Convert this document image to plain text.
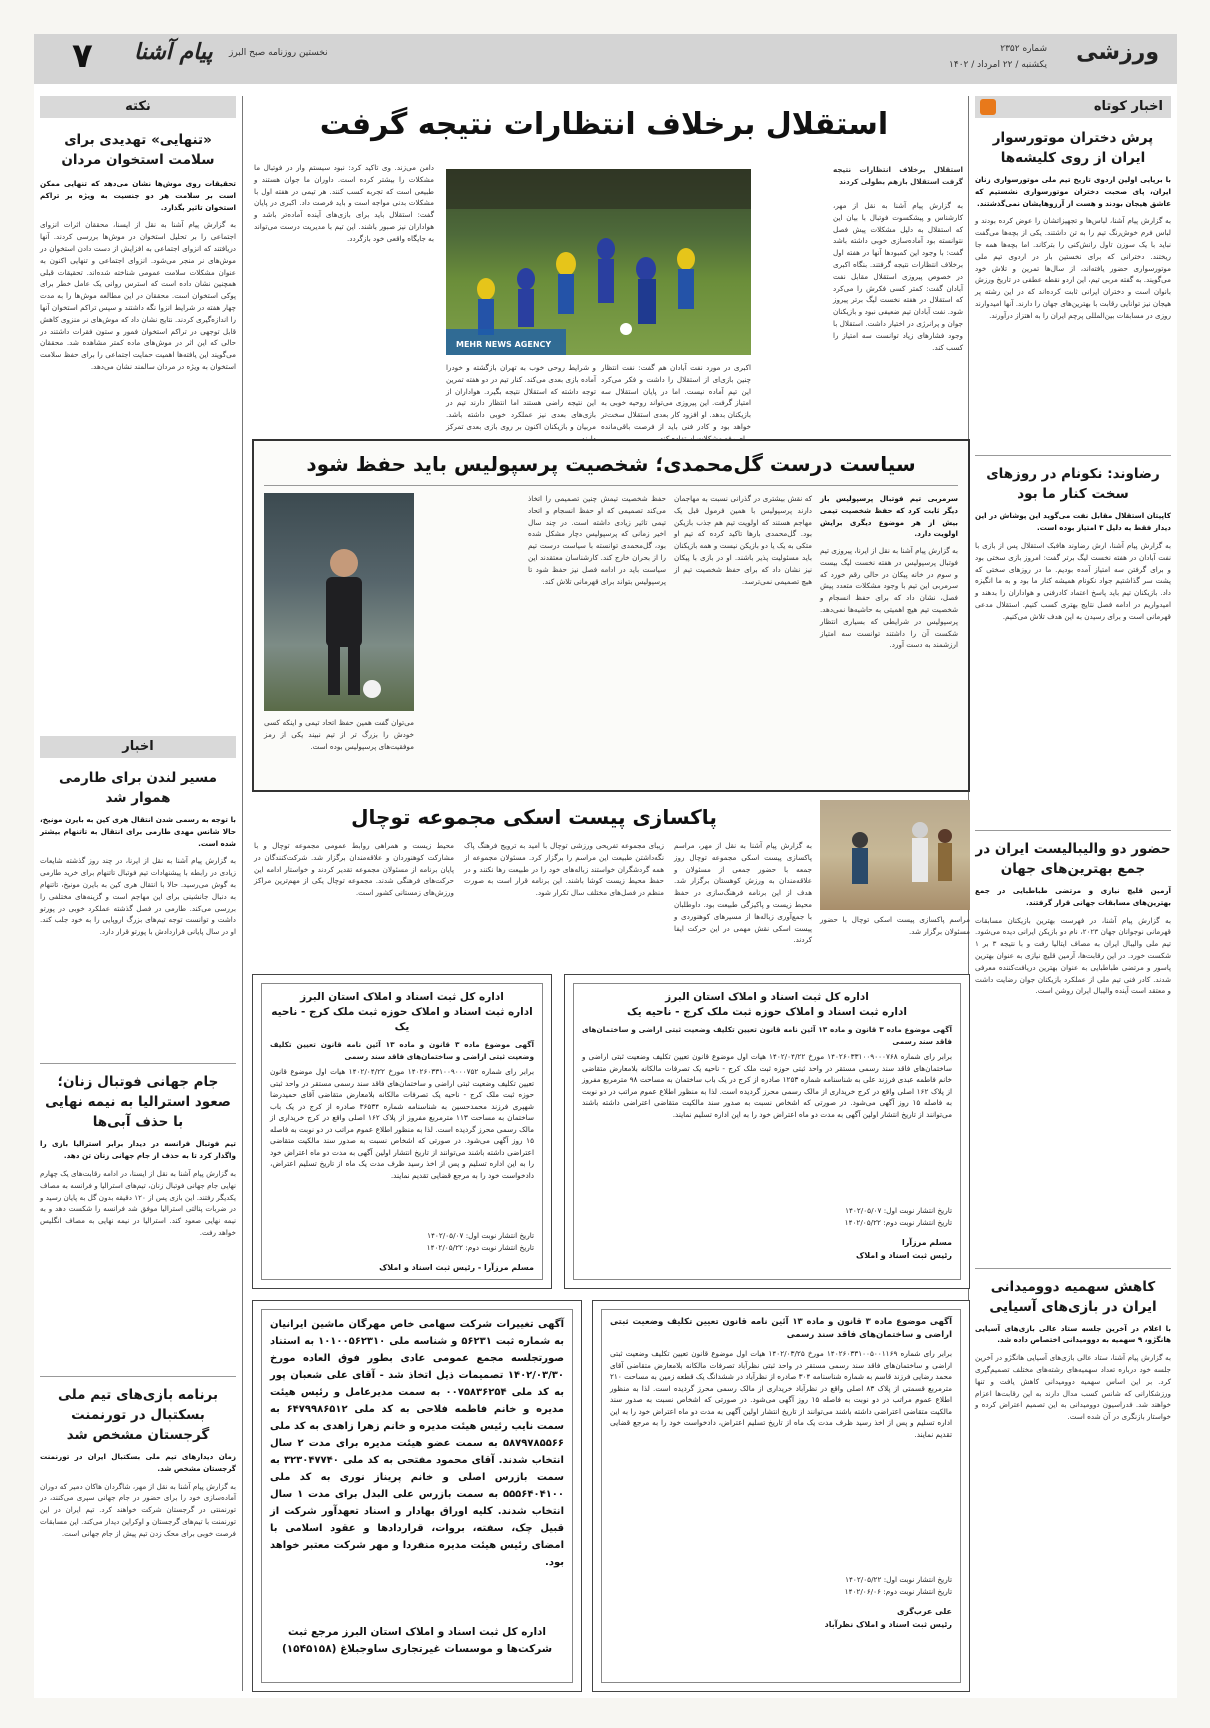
ورزشی
شماره ۲۳۵۲
یکشنبه / ۲۲ امرداد / ۱۴۰۲
پیام آشنا نخستین روزنامه صبح البرز
۷
اخبار کوتاه
پرش دختران موتورسوار ایران از روی کلیشه‌ها
با برپایی اولین اردوی تاریخ تیم ملی موتورسواری زنان ایران، پای صحبت دختران موتورسواری نشستیم که عاشق هیجان بودند و هست از آرزوهایشان نمی‌گذشتند.
به گزارش پیام آشنا، لباس‌ها و تجهیزاتشان را عوض کرده بودند و لباس فرم خوش‌رنگ تیم را به تن داشتند. یکی از بچه‌ها می‌گفت نباید با یک سوزن تاول رانش‌کنی را بترکاند. اما بچه‌ها همه جا ریختند. دخترانی که برای نخستین بار در اردوی تیم ملی موتورسواری حضور یافته‌اند، از سال‌ها تمرین و تلاش خود می‌گویند. به گفته مربی تیم، این اردو نقطه عطفی در تاریخ ورزش بانوان است و دختران ایرانی ثابت کرده‌اند که در این رشته پر هیجان نیز توانایی رقابت با بهترین‌های جهان را دارند. آنها امیدوارند روزی در مسابقات بین‌المللی پرچم ایران را به اهتزاز درآورند.
رضاوند: نکونام در روزهای سخت کنار ما بود
کاپیتان استقلال مقابل نفت می‌گوید این پوشاش در این دیدار فقط به دلیل ۳ امتیاز بوده است.
به گزارش پیام آشنا، ارش رضاوند هافبک استقلال پس از بازی با نفت آبادان در هفته نخست لیگ برتر گفت: امروز بازی سختی بود و برای گرفتن سه امتیاز آمده بودیم. ما در روزهای سختی که پشت سر گذاشتیم جواد نکونام همیشه کنار ما بود و به ما انگیزه داد. بازیکنان تیم باید پاسخ اعتماد کادرفنی و هواداران را بدهند و امیدواریم در ادامه فصل نتایج بهتری کسب کنیم. استقلال مدعی قهرمانی است و برای رسیدن به این هدف تلاش می‌کنیم.
حضور دو والیبالیست ایران در جمع بهترین‌های جهان
آرمین قلیچ نیازی و مرتضی طباطبایی در جمع بهترین‌های مسابقات جهانی قرار گرفتند.
به گزارش پیام آشنا، در فهرست بهترین بازیکنان مسابقات قهرمانی نوجوانان جهان ۲۰۲۳، نام دو بازیکن ایرانی دیده می‌شود. تیم ملی والیبال ایران به مصاف ایتالیا رفت و با نتیجه ۳ بر ۱ شکست خورد. در این رقابت‌ها، آرمین قلیچ نیازی به عنوان بهترین پاسور و مرتضی طباطبایی به عنوان بهترین دریافت‌کننده معرفی شدند. کادر فنی تیم ملی از عملکرد بازیکنان جوان رضایت داشت و معتقد است آینده والیبال ایران روشن است.
کاهش سهمیه دوومیدانی ایران در بازی‌های آسیایی
با اعلام در آخرین جلسه ستاد عالی بازی‌های آسیایی هانگژو، ۹ سهمیه به دوومیدانی اختصاص داده شد.
به گزارش پیام آشنا، ستاد عالی بازی‌های آسیایی هانگژو در آخرین جلسه خود درباره تعداد سهمیه‌های رشته‌های مختلف تصمیم‌گیری کرد. بر این اساس سهمیه دوومیدانی کاهش یافت و تنها ورزشکارانی که شانس کسب مدال دارند به این رقابت‌ها اعزام خواهند شد. فدراسیون دوومیدانی به این تصمیم اعتراض کرده و خواستار بازنگری در آن شده است.
نکته
«تنهایی» تهدیدی برای سلامت استخوان مردان
تحقیقات روی موش‌ها نشان می‌دهد که تنهایی ممکن است بر سلامت هر دو جنسیت به ویژه بر تراکم استخوان تاثیر بگذارد.
به گزارش پیام آشنا به نقل از ایسنا، محققان اثرات انزوای اجتماعی را بر تحلیل استخوان در موش‌ها بررسی کردند. آنها دریافتند که انزوای اجتماعی به افزایش از دست دادن استخوان در موش‌های نر منجر می‌شود. انزوای اجتماعی و تنهایی اکنون به عنوان مشکلات سلامت عمومی شناخته شده‌اند. تحقیقات قبلی همچنین نشان داده است که استرس روانی یک عامل خطر برای پوکی استخوان است. محققان در این مطالعه موش‌ها را به مدت چهار هفته در شرایط انزوا نگه داشتند و سپس تراکم استخوان آنها را اندازه‌گیری کردند. نتایج نشان داد که موش‌های نر منزوی کاهش قابل توجهی در تراکم استخوان فمور و ستون فقرات داشتند در حالی که این اثر در موش‌های ماده کمتر مشاهده شد. محققان می‌گویند این یافته‌ها اهمیت حمایت اجتماعی را برای حفظ سلامت استخوان به ویژه در مردان سالمند نشان می‌دهد.
اخبار
مسیر لندن برای طارمی هموار شد
با توجه به رسمی شدن انتقال هری کین به بایرن مونیخ، حالا شانس مهدی طارمی برای انتقال به تاتنهام بیشتر شده است.
به گزارش پیام آشنا به نقل از ایرنا، در چند روز گذشته شایعات زیادی در رابطه با پیشنهادات تیم فوتبال تاتنهام برای خرید طارمی به گوش می‌رسید. حالا با انتقال هری کین به بایرن مونیخ، تاتنهام به دنبال جانشینی برای این مهاجم است و گزینه‌های مختلفی را بررسی می‌کند. طارمی در فصل گذشته عملکرد خوبی در پورتو داشت و توانست توجه تیم‌های بزرگ اروپایی را به خود جلب کند. او در سال پایانی قراردادش با پورتو قرار دارد.
جام جهانی فوتبال زنان؛ صعود استرالیا به نیمه نهایی با حذف آبی‌ها
تیم فوتبال فرانسه در دیدار برابر استرالیا بازی را واگذار کرد تا به حذف از جام جهانی زنان تن دهد.
به گزارش پیام آشنا به نقل از ایسنا، در ادامه رقابت‌های یک چهارم نهایی جام جهانی فوتبال زنان، تیم‌های استرالیا و فرانسه به مصاف یکدیگر رفتند. این بازی پس از ۱۲۰ دقیقه بدون گل به پایان رسید و در ضربات پنالتی استرالیا موفق شد فرانسه را شکست دهد و به نیمه نهایی صعود کند. استرالیا در نیمه نهایی به مصاف انگلیس خواهد رفت.
برنامه بازی‌های تیم ملی بسکتبال در تورنمنت گرجستان مشخص شد
زمان دیدارهای تیم ملی بسکتبال ایران در تورنمنت گرجستان مشخص شد.
به گزارش پیام آشنا به نقل از مهر، شاگردان هاکان دمیر که دوران آماده‌سازی خود را برای حضور در جام جهانی سپری می‌کنند، در تورنمنتی در گرجستان شرکت خواهند کرد. تیم ایران در این تورنمنت با تیم‌های گرجستان و اوکراین دیدار می‌کند. این مسابقات فرصت خوبی برای محک زدن تیم پیش از جام جهانی است.
استقلال برخلاف انتظارات نتیجه گرفت
استقلال برخلاف انتظارات نتیجه گرفت استقلال بازهم بطولی کردند
به گزارش پیام آشنا به نقل از مهر، کارشناس و پیشکسوت فوتبال با بیان این که استقلال به دلیل مشکلات پیش فصل نتوانسته بود آماده‌سازی خوبی داشته باشد گفت: با وجود این کمبودها آنها در هفته اول برخلاف انتظارات نتیجه گرفتند. بنگاه اکبری در خصوص پیروزی استقلال مقابل نفت آبادان گفت: کمتر کسی فکرش را می‌کرد که استقلال در هفته نخست لیگ برتر پیروز شود. نفت آبادان تیم ضعیفی نبود و بازیکنان جوان و پرانرژی در اختیار داشت. استقلال با وجود فشارهای زیاد توانست سه امتیاز را کسب کند.
MEHR NEWS AGENCY
اکبری در مورد نفت آبادان هم گفت: نفت انتظار چنین بازی‌ای از استقلال را داشت و فکر می‌کرد این تیم آماده نیست. اما در پایان استقلال سه امتیاز گرفت. این پیروزی می‌تواند روحیه خوبی به بازیکنان بدهد. او افزود کار بعدی استقلال سخت‌تر خواهد بود و کادر فنی باید از فرصت باقی‌مانده
و شرایط روحی خوب به تهران بازگشته و خودرا آماده بازی بعدی می‌کند. کنار تیم در دو هفته تمرین توجه داشته که استقلال نتیجه بگیرد. هواداران از این نتیجه راضی هستند اما انتظار دارند تیم در بازی‌های بعدی نیز عملکرد خوبی داشته باشد. مربیان و بازیکنان اکنون بر روی بازی بعدی تمرکز
دامن می‌زند. وی تاکید کرد: نبود سیستم وار در فوتبال ما مشکلات را بیشتر کرده است. داوران ما جوان هستند و طبیعی است که تجربه کسب کنند. هر تیمی در هفته اول با مشکلات بدنی مواجه است و باید فرصت داد. اکبری در پایان گفت: استقلال باید برای بازی‌های آینده آماده‌تر باشد و هواداران نیز صبور باشند. این تیم با مدیریت درست می‌تواند به جایگاه واقعی خود بازگردد.
سیاست درست گل‌محمدی؛ شخصیت پرسپولیس باید حفظ شود
سرمربی تیم فوتبال پرسپولیس باز دیگر ثابت کرد که حفظ شخصیت تیمی بیش از هر موضوع دیگری برایش اولویت دارد.
به گزارش پیام آشنا به نقل از ایرنا، پیروزی تیم فوتبال پرسپولیس در هفته نخست لیگ بیست و سوم در خانه پیکان در حالی رقم خورد که سرمربی این تیم با وجود مشکلات متعدد پیش فصل، نشان داد که برای حفظ انسجام و شخصیت تیم هیچ اهمیتی به حاشیه‌ها نمی‌دهد. پرسپولیس در شرایطی که بسیاری انتظار شکست آن را داشتند توانست سه امتیاز ارزشمند به دست آورد.
که نقش بیشتری در گذرانی نسبت به مهاجمان دارند پرسپولیس با همین فرمول قبل یک مهاجم هستند که اولویت تیم هم جذب بازیکن بود. گل‌محمدی بارها تاکید کرده که تیم او متکی به یک یا دو بازیکن نیست و همه بازیکنان باید مسئولیت پذیر باشند. او در بازی با پیکان نیز نشان داد که برای حفظ شخصیت تیم از هیچ تصمیمی نمی‌ترسد.
حفظ شخصیت تیمش چنین تصمیمی را اتخاذ می‌کند تصمیمی که او حفظ انسجام و اتحاد تیمی تاثیر زیادی داشته است. در چند سال اخیر زمانی که پرسپولیس دچار مشکل شده بود، گل‌محمدی توانسته با سیاست درست تیم را از بحران خارج کند. کارشناسان معتقدند این سیاست باید در ادامه فصل نیز حفظ شود تا پرسپولیس بتواند برای قهرمانی تلاش کند.
می‌توان گفت همین حفظ اتحاد تیمی و اینکه کسی خودش را بزرگ تر از تیم نبیند یکی از رمز موفقیت‌های پرسپولیس بوده است.
پاکسازی پیست اسکی مجموعه توچال
مراسم پاکسازی پیست اسکی توچال با حضور مسئولان برگزار شد.
به گزارش پیام آشنا به نقل از مهر، مراسم پاکسازی پیست اسکی مجموعه توچال روز جمعه با حضور جمعی از مسئولان و علاقه‌مندان به ورزش کوهستان برگزار شد. هدف از این برنامه فرهنگ‌سازی در حفظ محیط زیست و پاکیزگی طبیعت بود. داوطلبان با جمع‌آوری زباله‌ها از مسیرهای کوهنوردی و پیست اسکی نقش مهمی در این حرکت ایفا کردند.
زیبای مجموعه تفریحی ورزشی توچال با امید به ترویج فرهنگ پاک نگه‌داشتن طبیعت این مراسم را برگزار کرد. مسئولان مجموعه از همه گردشگران خواستند زباله‌های خود را در طبیعت رها نکنند و در حفظ محیط زیست کوشا باشند. این برنامه قرار است به صورت منظم در فصل‌های مختلف سال تکرار شود.
محیط زیست و همراهی روابط عمومی مجموعه توچال و با مشارکت کوهنوردان و علاقه‌مندان برگزار شد. شرکت‌کنندگان در پایان برنامه از مسئولان مجموعه تقدیر کردند و خواستار ادامه این حرکت‌های فرهنگی شدند. مجموعه توچال یکی از مهم‌ترین مراکز ورزش‌های زمستانی کشور است.
اداره کل ثبت اسناد و املاک استان البرز
اداره ثبت اسناد و املاک حوزه ثبت ملک کرج - ناحیه یک
آگهی موضوع ماده ۳ قانون و ماده ۱۳ آئین نامه قانون تعیین تکلیف وضعیت ثبتی اراضی و ساختمان‌های فاقد سند رسمی
برابر رای شماره ۱۴۰۲۶۰۳۳۱۰۰۹۰۰۰۷۵۲ مورخ ۱۴۰۲/۰۴/۲۲ هیات اول موضوع قانون تعیین تکلیف وضعیت ثبتی اراضی و ساختمان‌های فاقد سند رسمی مستقر در واحد ثبتی حوزه ثبت ملک کرج - ناحیه یک تصرفات مالکانه بلامعارض متقاضی آقای حمیدرضا شهپری فرزند محمدحسین به شناسنامه شماره ۳۶۵۳۴ صادره از کرج در یک باب ساختمان به مساحت ۱۱۳ مترمربع مفروز از پلاک ۱۶۲ اصلی واقع در کرج خریداری از مالک رسمی محرز گردیده است. لذا به منظور اطلاع عموم مراتب در دو نوبت به فاصله ۱۵ روز آگهی می‌شود. در صورتی که اشخاص نسبت به صدور سند مالکیت متقاضی اعتراضی داشته باشند می‌توانند از تاریخ انتشار اولین آگهی به مدت دو ماه اعتراض خود را به این اداره تسلیم و پس از اخذ رسید ظرف مدت یک ماه از تاریخ تسلیم اعتراض، دادخواست خود را به مرجع قضایی تقدیم نمایند.
تاریخ انتشار نوبت اول: ۱۴۰۲/۰۵/۰۷
تاریخ انتشار نوبت دوم: ۱۴۰۲/۰۵/۲۲
مسلم مرزآرا - رئیس ثبت اسناد و املاک
اداره کل ثبت اسناد و املاک استان البرز
اداره ثبت اسناد و املاک حوزه ثبت ملک کرج - ناحیه یک
آگهی موضوع ماده ۳ قانون و ماده ۱۳ آئین نامه قانون تعیین تکلیف وضعیت ثبتی اراضی و ساختمان‌های فاقد سند رسمی
برابر رای شماره ۱۴۰۲۶۰۳۳۱۰۰۹۰۰۰۷۶۸ مورخ ۱۴۰۲/۰۴/۲۲ هیات اول موضوع قانون تعیین تکلیف وضعیت ثبتی اراضی و ساختمان‌های فاقد سند رسمی مستقر در واحد ثبتی حوزه ثبت ملک کرج - ناحیه یک تصرفات مالکانه بلامعارض متقاضی خانم فاطمه عبدی فرزند علی به شناسنامه شماره ۱۲۵۳ صادره از کرج در یک باب ساختمان به مساحت ۹۸ مترمربع مفروز از پلاک ۱۶۲ اصلی واقع در کرج خریداری از مالک رسمی محرز گردیده است. لذا به منظور اطلاع عموم مراتب در دو نوبت به فاصله ۱۵ روز آگهی می‌شود. در صورتی که اشخاص نسبت به صدور سند مالکیت متقاضی اعتراضی داشته باشند می‌توانند از تاریخ انتشار اولین آگهی به مدت دو ماه اعتراض خود را به این اداره تسلیم نمایند.
تاریخ انتشار نوبت اول: ۱۴۰۲/۰۵/۰۷
تاریخ انتشار نوبت دوم: ۱۴۰۲/۰۵/۲۲
مسلم مرزآرا
رئیس ثبت اسناد و املاک
آگهی تغییرات شرکت سهامی خاص مهرگان ماشین ایرانیان به شماره ثبت ۵۶۲۳۱ و شناسه ملی ۱۰۱۰۰۵۶۲۳۱۰ به استناد صورتجلسه مجمع عمومی عادی بطور فوق العاده مورخ ۱۴۰۲/۰۳/۳۰ تصمیمات ذیل اتخاذ شد - آقای علی شعبان پور به کد ملی ۰۰۷۵۸۳۶۲۵۴ به سمت مدیرعامل و رئیس هیئت مدیره و خانم فاطمه فلاحی به کد ملی ۶۴۷۹۹۸۶۵۱۲ به سمت نایب رئیس هیئت مدیره و خانم زهرا زاهدی به کد ملی ۵۸۷۹۷۸۵۵۶۶ به سمت عضو هیئت مدیره برای مدت ۲ سال انتخاب شدند. آقای محمود مفتحی به کد ملی ۳۲۳۰۴۷۷۴۰ به سمت بازرس اصلی و خانم پریناز نوری به کد ملی ۵۵۵۶۴۰۴۱۰۰ به سمت بازرس علی البدل برای مدت ۱ سال انتخاب شدند. کلیه اوراق بهادار و اسناد تعهدآور شرکت از قبیل چک، سفته، بروات، قراردادها و عقود اسلامی با امضای رئیس هیئت مدیره منفردا و مهر شرکت معتبر خواهد بود.
اداره کل ثبت اسناد و املاک استان البرز مرجع ثبت شرکت‌ها و موسسات غیرتجاری ساوجبلاغ (۱۵۴۵۱۵۸)
آگهی موضوع ماده ۳ قانون و ماده ۱۳ آئین نامه قانون تعیین تکلیف وضعیت ثبتی اراضی و ساختمان‌های فاقد سند رسمی
برابر رای شماره ۱۴۰۲۶۰۳۳۱۰۰۵۰۰۱۱۶۹ مورخ ۱۴۰۲/۰۳/۲۵ هیات اول موضوع قانون تعیین تکلیف وضعیت ثبتی اراضی و ساختمان‌های فاقد سند رسمی مستقر در واحد ثبتی نظرآباد تصرفات مالکانه بلامعارض متقاضی آقای محمد رضایی فرزند قاسم به شماره شناسنامه ۳۰۴ صادره از نظرآباد در ششدانگ یک قطعه زمین به مساحت ۲۱۰ مترمربع قسمتی از پلاک ۸۳ اصلی واقع در نظرآباد خریداری از مالک رسمی محرز گردیده است. لذا به منظور اطلاع عموم مراتب در دو نوبت به فاصله ۱۵ روز آگهی می‌شود. در صورتی که اشخاص نسبت به صدور سند مالکیت متقاضی اعتراضی داشته باشند می‌توانند از تاریخ انتشار اولین آگهی به مدت دو ماه اعتراض خود را به این اداره تسلیم و پس از اخذ رسید ظرف مدت یک ماه از تاریخ تسلیم اعتراض، دادخواست خود را به مرجع قضایی تقدیم نمایند.
تاریخ انتشار نوبت اول: ۱۴۰۲/۰۵/۲۲
تاریخ انتشار نوبت دوم: ۱۴۰۲/۰۶/۰۶
علی عرب‌گری
رئیس ثبت اسناد و املاک نظرآباد
